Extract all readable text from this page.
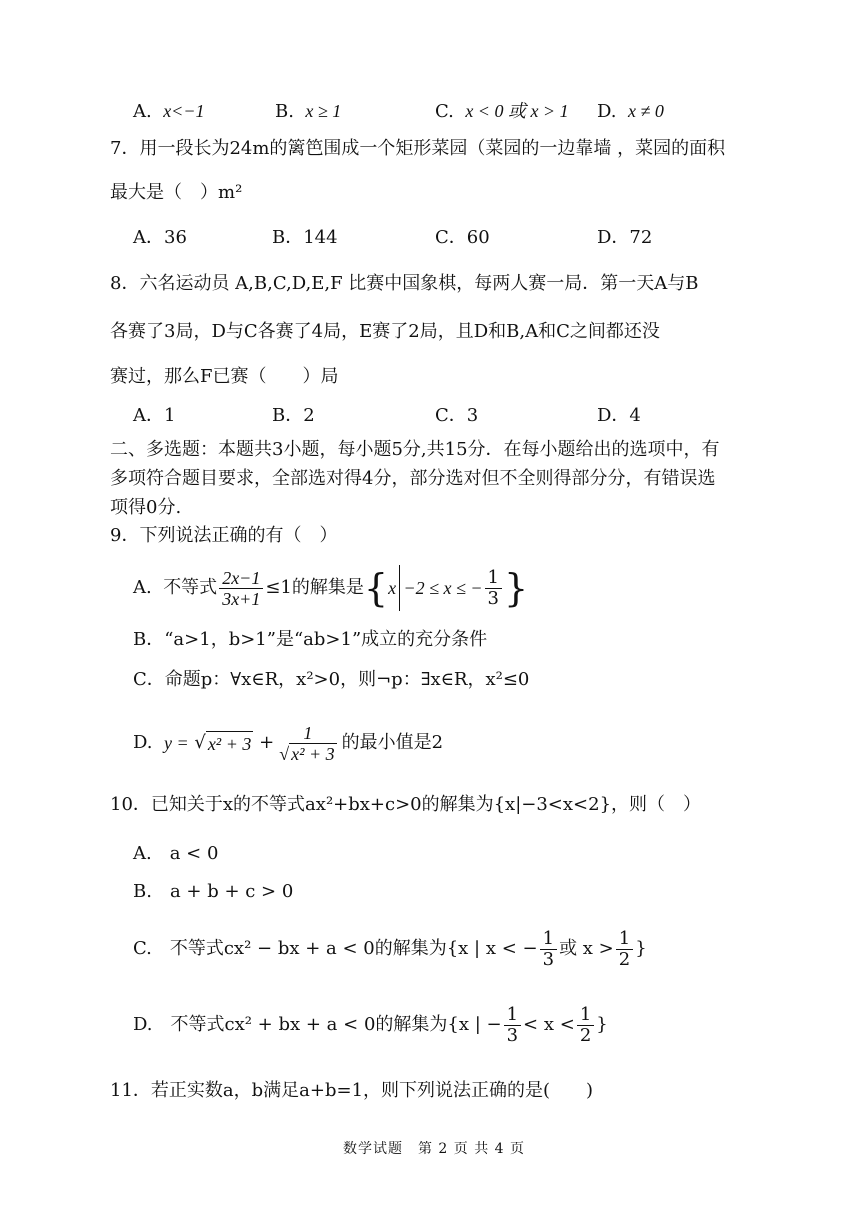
A. x<−1	B. x ≥ 1	C. x < 0 或 x > 1 D. x ≠ 0
7．用一段长为24m的篱笆围成一个矩形菜园（菜园的一边靠墙 ，菜园的面积
最大是（　）m²
A．36	B．144	C．60	D．72
8．六名运动员 A,B,C,D,E,F 比赛中国象棋，每两人赛一局．第一天A与B
各赛了3局，D与C各赛了4局，E赛了2局，且D和B,A和C之间都还没
赛过，那么F已赛（　　）局
A．1	B．2	C．3	D．4
二、多选题：本题共3小题，每小题5分,共15分．在每小题给出的选项中，有
多项符合题目要求，全部选对得4分，部分选对但不全则得部分分，有错误选
项得0分.
9．下列说法正确的有（　）
A.
不等式 $\frac{2x-1}{3x+1} \le 1$的解集是 { x −2 ≤ x ≤ − $\frac{1}{3}$ }
B．“a>1，b>1”是“ab>1”成立的充分条件
C．命题p：∀x∈R，x²>0，则¬p：∃x∈R，x²≤0
D.
y = √ x² + 3
+ $\frac{1}{\text{√ x² + 3}}$ 的最小值是2
10．已知关于x的不等式ax²+bx+c>0的解集为{x|−3<x<2}，则（　）
A.　a < 0
B.　a + b + c > 0
C.　不等式cx² − bx + a < 0的解集为{x | x < − $\frac{1}{3}$ 或 $x > \frac{1}{2}$ }
D.　不等式cx² + bx + a < 0的解集为{x | − $\frac{1}{3} < x < \frac{1}{2}$ }
11．若正实数a，b满足a+b=1，则下列说法正确的是(　　)
数学试题　第 2 页 共 4 页
